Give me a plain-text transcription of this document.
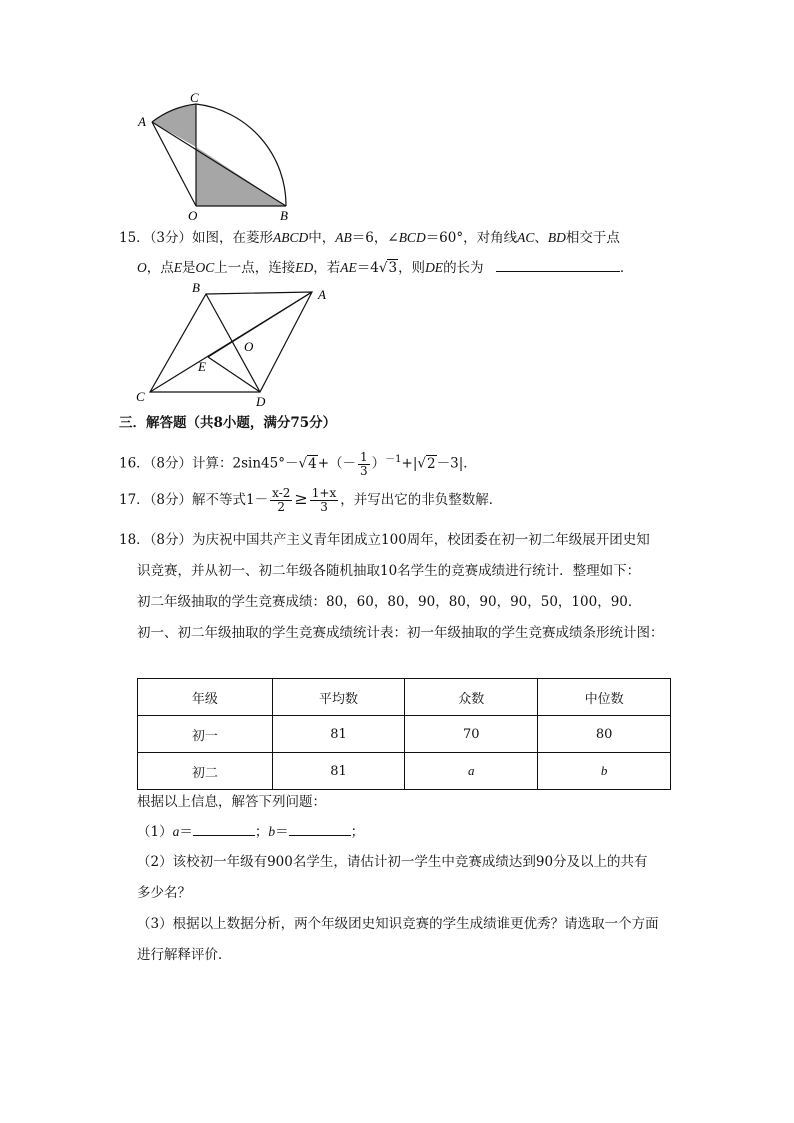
A
C
O	B
15．（3分）如图，在菱形ABCD中，AB＝6，∠BCD＝60°，对角线AC、BD相交于点
O，点E是OC上一点，连接ED，若AE＝4√3，则DE的长为	．
B	A
O
E
C	D
三．解答题（共8小题，满分75分）
16．（8分）计算：$2\sin 45^\circ-√4+(- \frac{1}{3} )^{-1}+|√2-3|$．
17．（8分）解不等式$1- \frac{x-2}{2} \ge \frac{1+x}{3}$ ，并写出它的非负整数解．
18．（8分）为庆祝中国共产主义青年团成立100周年，校团委在初一初二年级展开团史知
识竞赛，并从初一、初二年级各随机抽取10名学生的竞赛成绩进行统计．整理如下：
初二年级抽取的学生竞赛成绩：80，60，80，90，80，90，90，50，100，90．
初一、初二年级抽取的学生竞赛成绩统计表：初一年级抽取的学生竞赛成绩条形统计图：
年级	平均数	众数	中位数
初一	81	70	80
初二	81	a	b
根据以上信息，解答下列问题：
（1）a＝	；b＝	；
（2）该校初一年级有900名学生，请估计初一学生中竞赛成绩达到90分及以上的共有
多少名？
（3）根据以上数据分析，两个年级团史知识竞赛的学生成绩谁更优秀？请选取一个方面
进行解释评价．
